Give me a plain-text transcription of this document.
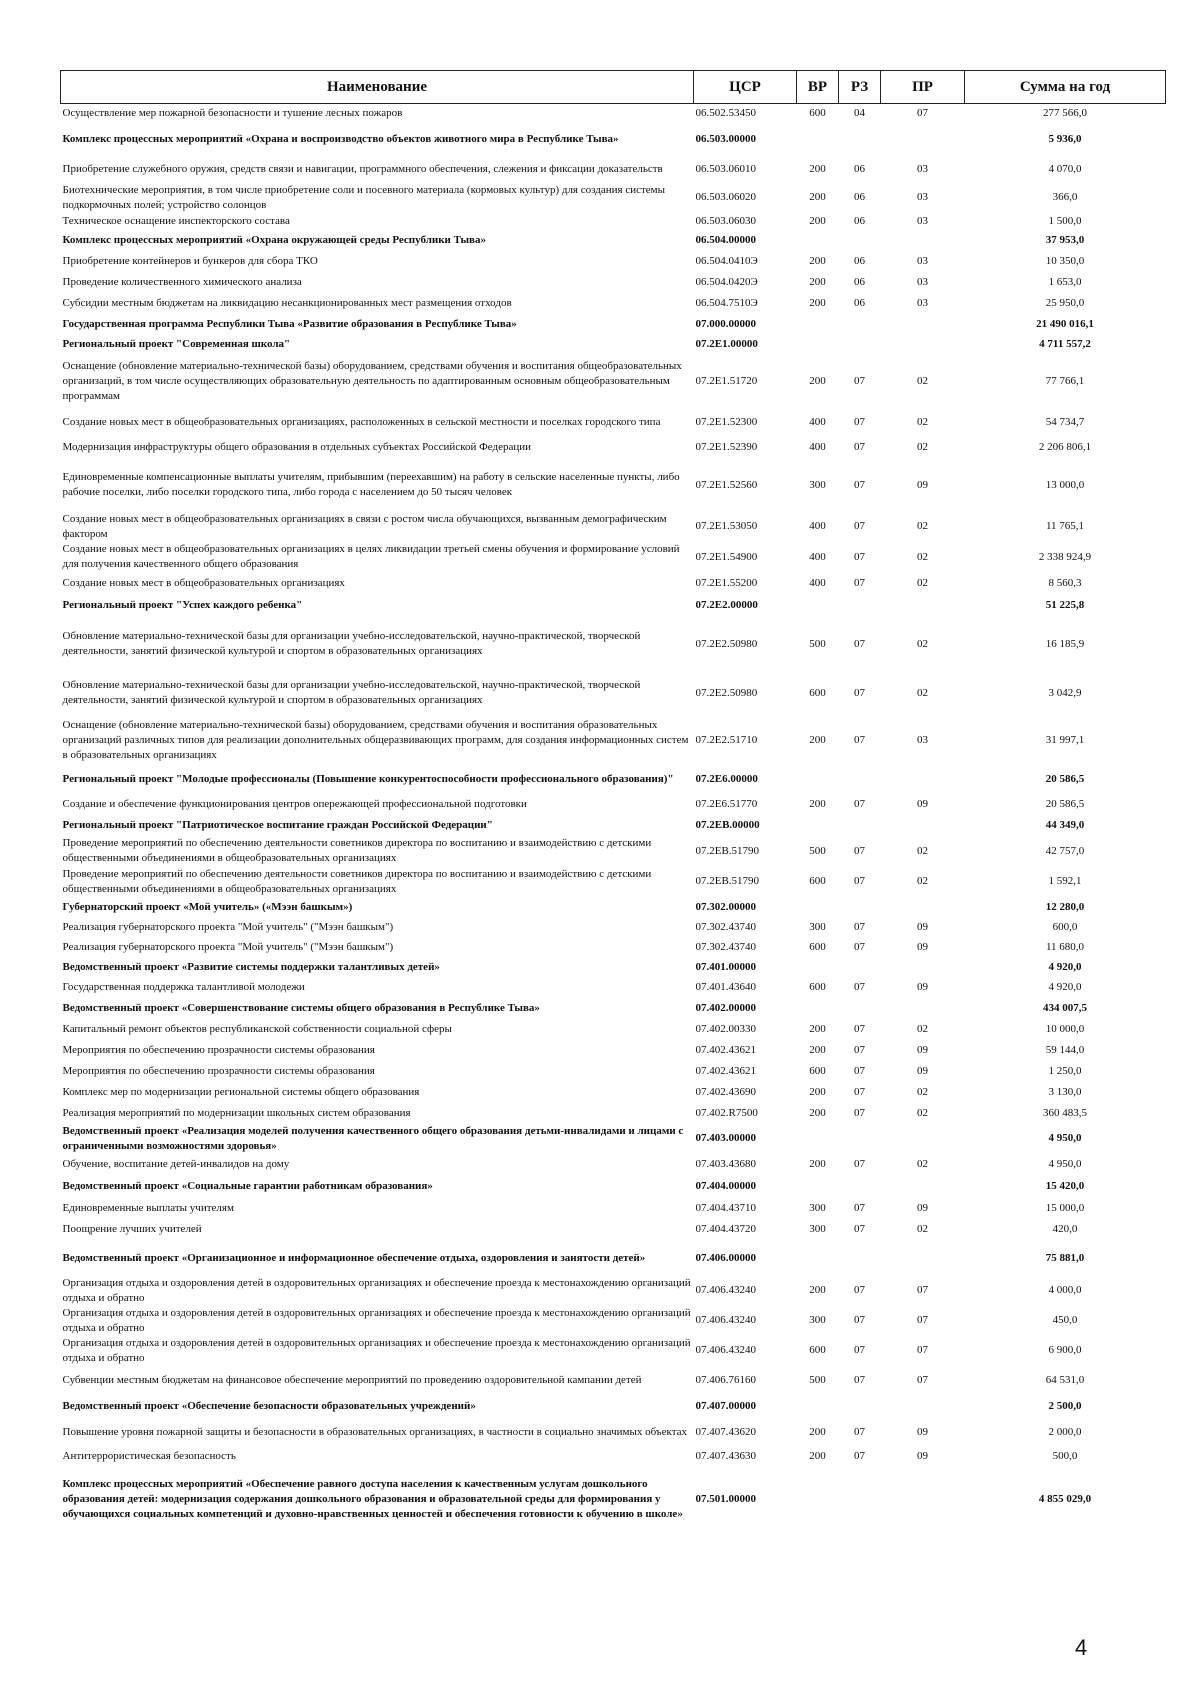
Наименование	ЦСР	ВР	РЗ	ПР	Сумма на год
Осуществление мер пожарной безопасности и тушение лесных пожаров	06.502.53450	600	04	07	277 566,0
Комплекс процессных мероприятий «Охрана и воспроизводство объектов животного мира в Республике Тыва»	06.503.00000				5 936,0
Приобретение служебного оружия, средств связи и навигации, программного обеспечения, слежения и фиксации доказательств	06.503.06010	200	06	03	4 070,0
Биотехнические мероприятия, в том числе приобретение соли и посевного материала (кормовых культур) для создания системы подкормочных полей; устройство солонцов	06.503.06020	200	06	03	366,0
Техническое оснащение инспекторского состава	06.503.06030	200	06	03	1 500,0
Комплекс процессных мероприятий «Охрана окружающей среды Республики Тыва»	06.504.00000				37 953,0
Приобретение контейнеров и бункеров для сбора ТКО	06.504.0410Э	200	06	03	10 350,0
Проведение количественного химического анализа	06.504.0420Э	200	06	03	1 653,0
Субсидии местным бюджетам на ликвидацию несанкционированных мест размещения отходов	06.504.7510Э	200	06	03	25 950,0
Государственная программа Республики Тыва «Развитие образования в Республике Тыва»	07.000.00000				21 490 016,1
Региональный проект "Современная школа"	07.2E1.00000				4 711 557,2
Оснащение (обновление материально-технической базы) оборудованием, средствами обучения и воспитания общеобразовательных организаций, в том числе осуществляющих образовательную деятельность по адаптированным основным общеобразовательным программам	07.2E1.51720	200	07	02	77 766,1
Создание новых мест в общеобразовательных организациях, расположенных в сельской местности и поселках городского типа	07.2E1.52300	400	07	02	54 734,7
Модернизация инфраструктуры общего образования в отдельных субъектах Российской Федерации	07.2E1.52390	400	07	02	2 206 806,1
Единовременные компенсационные выплаты учителям, прибывшим (переехавшим) на работу в сельские населенные пункты, либо рабочие поселки, либо поселки городского типа, либо города с населением до 50 тысяч человек	07.2E1.52560	300	07	09	13 000,0
Создание новых мест в общеобразовательных организациях в связи с ростом числа обучающихся, вызванным демографическим фактором	07.2E1.53050	400	07	02	11 765,1
Создание новых мест в общеобразовательных организациях в целях ликвидации третьей смены обучения и формирование условий для получения качественного общего образования	07.2E1.54900	400	07	02	2 338 924,9
Создание новых мест в общеобразовательных организациях	07.2E1.55200	400	07	02	8 560,3
Региональный проект "Успех каждого ребенка"	07.2E2.00000				51 225,8
Обновление материально-технической базы для организации учебно-исследовательской, научно-практической, творческой деятельности, занятий физической культурой и спортом в образовательных организациях	07.2E2.50980	500	07	02	16 185,9
Обновление материально-технической базы для организации учебно-исследовательской, научно-практической, творческой деятельности, занятий физической культурой и спортом в образовательных организациях	07.2E2.50980	600	07	02	3 042,9
Оснащение (обновление материально-технической базы) оборудованием, средствами обучения и воспитания образовательных организаций различных типов для реализации дополнительных общеразвивающих программ, для создания информационных систем в образовательных организациях	07.2E2.51710	200	07	03	31 997,1
Региональный проект "Молодые профессионалы (Повышение конкурентоспособности профессионального образования)"	07.2E6.00000				20 586,5
Создание и обеспечение функционирования центров опережающей профессиональной подготовки	07.2E6.51770	200	07	09	20 586,5
Региональный проект "Патриотическое воспитание граждан Российской Федерации"	07.2EB.00000				44 349,0
Проведение мероприятий по обеспечению деятельности советников директора по воспитанию и взаимодействию с детскими общественными объединениями в общеобразовательных организациях	07.2EB.51790	500	07	02	42 757,0
Проведение мероприятий по обеспечению деятельности советников директора по воспитанию и взаимодействию с детскими общественными объединениями в общеобразовательных организациях	07.2EB.51790	600	07	02	1 592,1
Губернаторский проект «Мой учитель» («Мээн башкым»)	07.302.00000				12 280,0
Реализация губернаторского проекта "Мой учитель" ("Мээн башкым")	07.302.43740	300	07	09	600,0
Реализация губернаторского проекта "Мой учитель" ("Мээн башкым")	07.302.43740	600	07	09	11 680,0
Ведомственный проект «Развитие системы поддержки талантливых детей»	07.401.00000				4 920,0
Государственная поддержка талантливой молодежи	07.401.43640	600	07	09	4 920,0
Ведомственный проект «Совершенствование системы общего образования в Республике Тыва»	07.402.00000				434 007,5
Капитальный ремонт объектов республиканской собственности социальной сферы	07.402.00330	200	07	02	10 000,0
Мероприятия по обеспечению прозрачности системы образования	07.402.43621	200	07	09	59 144,0
Мероприятия по обеспечению прозрачности системы образования	07.402.43621	600	07	09	1 250,0
Комплекс мер по модернизации региональной системы общего образования	07.402.43690	200	07	02	3 130,0
Реализация мероприятий по модернизации школьных систем образования	07.402.R7500	200	07	02	360 483,5
Ведомственный проект «Реализация моделей получения качественного общего образования детьми-инвалидами и лицами с ограниченными возможностями здоровья»	07.403.00000				4 950,0
Обучение, воспитание детей-инвалидов на дому	07.403.43680	200	07	02	4 950,0
Ведомственный проект «Социальные гарантии работникам образования»	07.404.00000				15 420,0
Единовременные выплаты учителям	07.404.43710	300	07	09	15 000,0
Поощрение лучших учителей	07.404.43720	300	07	02	420,0
Ведомственный проект «Организационное и информационное обеспечение отдыха, оздоровления и занятости детей»	07.406.00000				75 881,0
Организация отдыха и оздоровления детей в оздоровительных организациях и обеспечение проезда к местонахождению организаций отдыха и обратно	07.406.43240	200	07	07	4 000,0
Организация отдыха и оздоровления детей в оздоровительных организациях и обеспечение проезда к местонахождению организаций отдыха и обратно	07.406.43240	300	07	07	450,0
Организация отдыха и оздоровления детей в оздоровительных организациях и обеспечение проезда к местонахождению организаций отдыха и обратно	07.406.43240	600	07	07	6 900,0
Субвенции местным бюджетам на финансовое обеспечение мероприятий по проведению оздоровительной кампании детей	07.406.76160	500	07	07	64 531,0
Ведомственный проект «Обеспечение безопасности образовательных учреждений»	07.407.00000				2 500,0
Повышение уровня пожарной защиты и безопасности в образовательных организациях, в частности в социально значимых объектах	07.407.43620	200	07	09	2 000,0
Антитеррористическая безопасность	07.407.43630	200	07	09	500,0
Комплекс процессных мероприятий «Обеспечение равного доступа населения к качественным услугам дошкольного образования детей: модернизация содержания дошкольного образования и образовательной среды для формирования у обучающихся социальных компетенций и духовно-нравственных ценностей и обеспечения готовности к обучению в школе»	07.501.00000				4 855 029,0
4
